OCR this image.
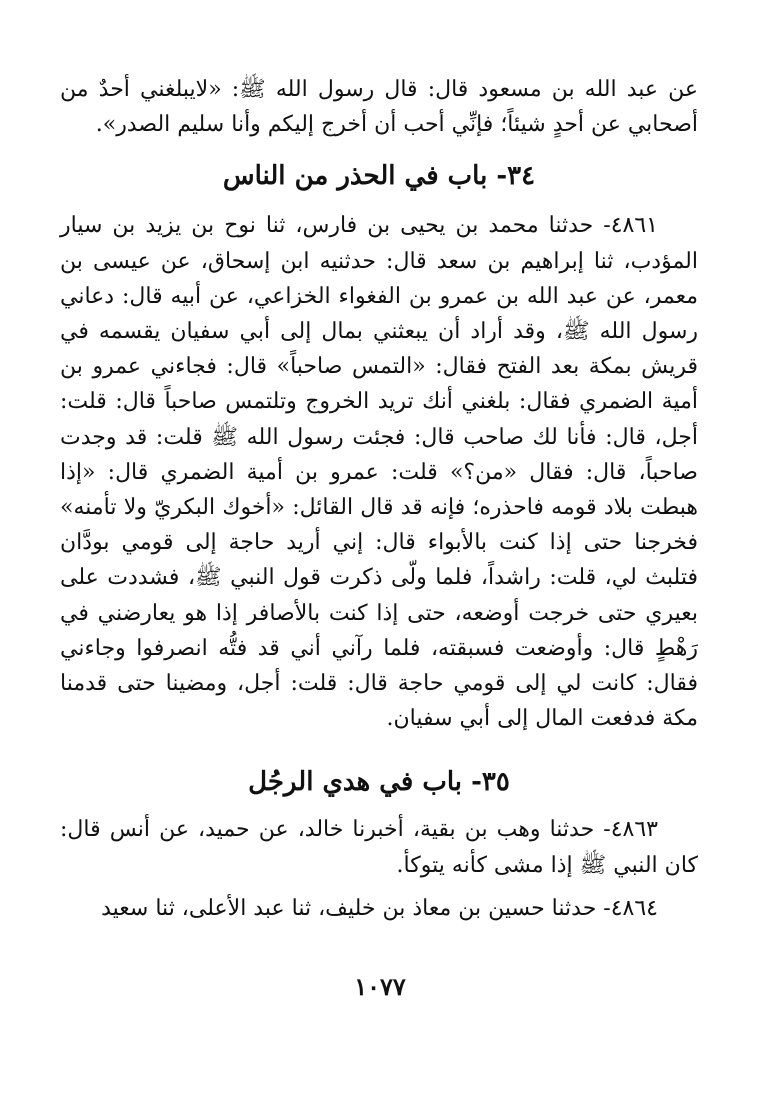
عن عبد الله بن مسعود قال: قال رسول الله ﷺ: «لايبلغني أحدٌ من أصحابي عن أحدٍ شيئاً؛ فإنِّي أحب أن أخرج إليكم وأنا سليم الصدر».

٣٤- باب في الحذر من الناس

٤٨٦١- حدثنا محمد بن يحيى بن فارس، ثنا نوح بن يزيد بن سيار المؤدب، ثنا إبراهيم بن سعد قال: حدثنيه ابن إسحاق، عن عيسى بن معمر، عن عبد الله بن عمرو بن الفغواء الخزاعي، عن أبيه قال: دعاني رسول الله ﷺ، وقد أراد أن يبعثني بمال إلى أبي سفيان يقسمه في قريش بمكة بعد الفتح فقال: «التمس صاحباً» قال: فجاءني عمرو بن أمية الضمري فقال: بلغني أنك تريد الخروج وتلتمس صاحباً قال: قلت: أجل، قال: فأنا لك صاحب قال: فجئت رسول الله ﷺ قلت: قد وجدت صاحباً، قال: فقال «من؟» قلت: عمرو بن أمية الضمري قال: «إذا هبطت بلاد قومه فاحذره؛ فإنه قد قال القائل: «أخوك البكريّ ولا تأمنه» فخرجنا حتى إذا كنت بالأبواء قال: إني أريد حاجة إلى قومي بودَّان فتلبث لي، قلت: راشداً، فلما ولّى ذكرت قول النبي ﷺ، فشددت على بعيري حتى خرجت أوضعه، حتى إذا كنت بالأصافر إذا هو يعارضني في رَهْطٍ قال: وأوضعت فسبقته، فلما رآني أني قد فتُّه انصرفوا وجاءني فقال: كانت لي إلى قومي حاجة قال: قلت: أجل، ومضينا حتى قدمنا مكة فدفعت المال إلى أبي سفيان.

٣٥- باب في هدي الرجُل

٤٨٦٣- حدثنا وهب بن بقية، أخبرنا خالد، عن حميد، عن أنس قال: كان النبي ﷺ إذا مشى كأنه يتوكأ.

٤٨٦٤- حدثنا حسين بن معاذ بن خليف، ثنا عبد الأعلى، ثنا سعيد

١٠٧٧
